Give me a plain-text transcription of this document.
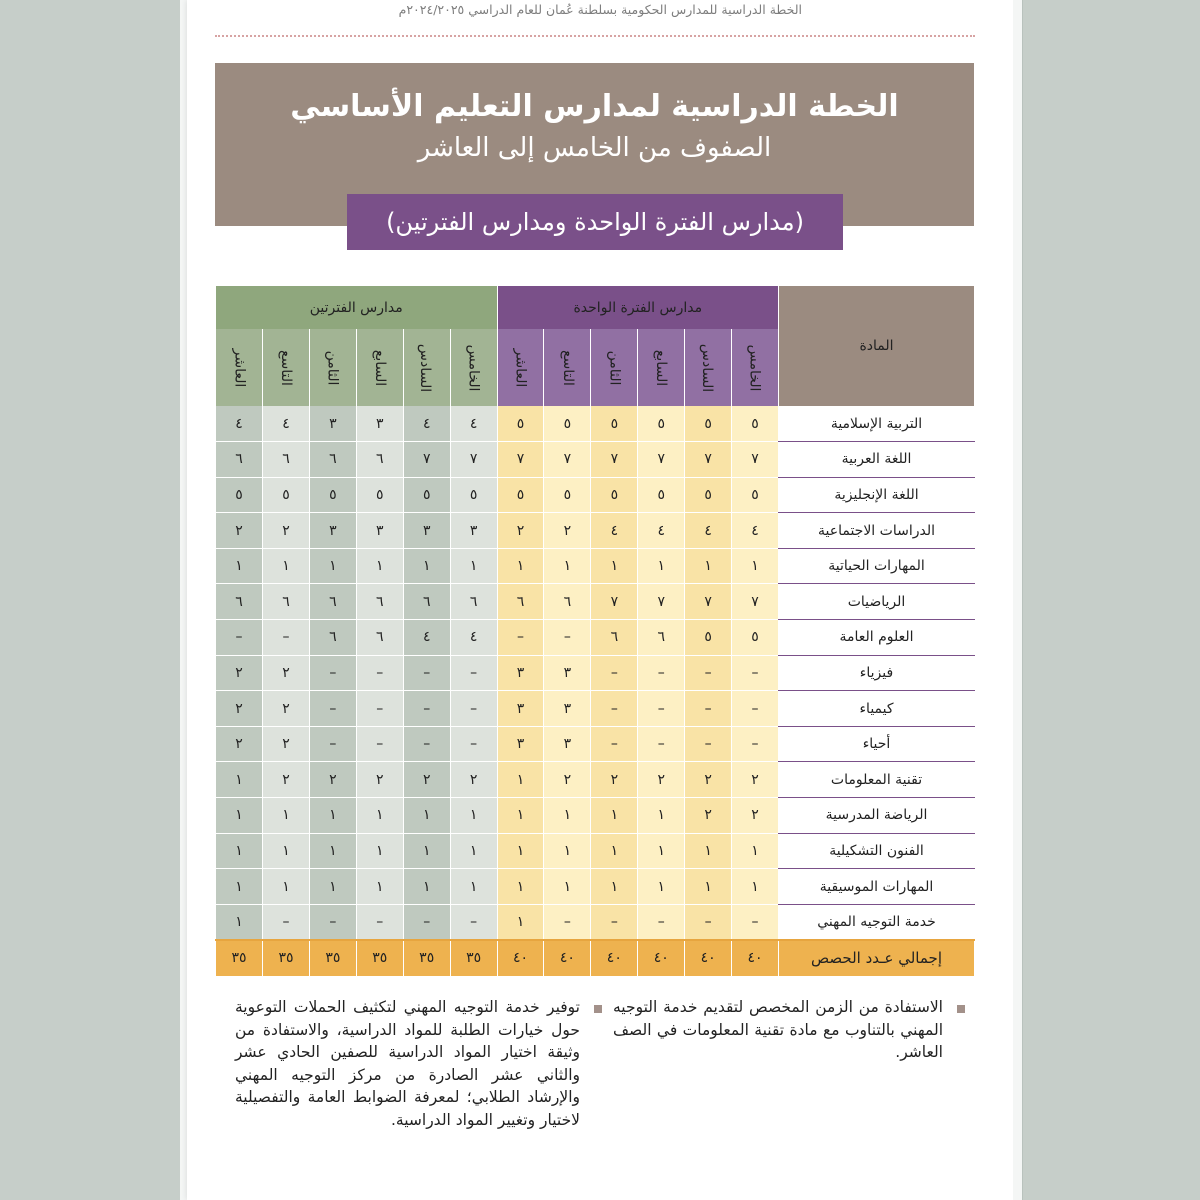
الخطة الدراسية للمدارس الحكومية بسلطنة عُمان للعام الدراسي ٢٠٢٤/٢٠٢٥م
الخطة الدراسية لمدارس التعليم الأساسي
الصفوف من الخامس إلى العاشر
(مدارس الفترة الواحدة ومدارس الفترتين)
المادة	مدارس الفترة الواحدة						مدارس الفترتين					
	الخامس	السادس	السابع	الثامن	التاسع	العاشر	الخامس	السادس	السابع	الثامن	التاسع	العاشر
التربية الإسلامية	٥	٥	٥	٥	٥	٥	٤	٤	٣	٣	٤	٤
اللغة العربية	٧	٧	٧	٧	٧	٧	٧	٧	٦	٦	٦	٦
اللغة الإنجليزية	٥	٥	٥	٥	٥	٥	٥	٥	٥	٥	٥	٥
الدراسات الاجتماعية	٤	٤	٤	٤	٢	٢	٣	٣	٣	٣	٢	٢
المهارات الحياتية	١	١	١	١	١	١	١	١	١	١	١	١
الرياضيات	٧	٧	٧	٧	٦	٦	٦	٦	٦	٦	٦	٦
العلوم العامة	٥	٥	٦	٦	–	–	٤	٤	٦	٦	–	–
فيزياء	–	–	–	–	٣	٣	–	–	–	–	٢	٢
كيمياء	–	–	–	–	٣	٣	–	–	–	–	٢	٢
أحياء	–	–	–	–	٣	٣	–	–	–	–	٢	٢
تقنية المعلومات	٢	٢	٢	٢	٢	١	٢	٢	٢	٢	٢	١
الرياضة المدرسية	٢	٢	١	١	١	١	١	١	١	١	١	١
الفنون التشكيلية	١	١	١	١	١	١	١	١	١	١	١	١
المهارات الموسيقية	١	١	١	١	١	١	١	١	١	١	١	١
خدمة التوجيه المهني	–	–	–	–	–	١	–	–	–	–	–	١
إجمالي عـدد الحصص	٤٠	٤٠	٤٠	٤٠	٤٠	٤٠	٣٥	٣٥	٣٥	٣٥	٣٥	٣٥
الاستفادة من الزمن المخصص لتقديم خدمة التوجيه المهني بالتناوب مع مادة تقنية المعلومات في الصف العاشر.
توفير خدمة التوجيه المهني لتكثيف الحملات التوعوية حول خيارات الطلبة للمواد الدراسية، والاستفادة من وثيقة اختيار المواد الدراسية للصفين الحادي عشر والثاني عشر الصادرة من مركز التوجيه المهني والإرشاد الطلابي؛ لمعرفة الضوابط العامة والتفصيلية لاختيار وتغيير المواد الدراسية.
